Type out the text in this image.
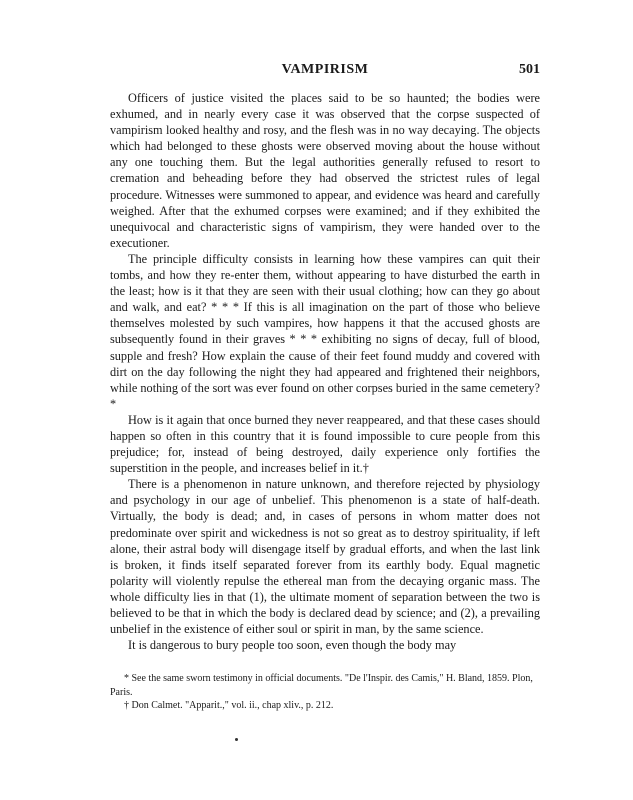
VAMPIRISM	501

Officers of justice visited the places said to be so haunted; the bodies were exhumed, and in nearly every case it was observed that the corpse suspected of vampirism looked healthy and rosy, and the flesh was in no way decaying. The objects which had belonged to these ghosts were observed moving about the house without any one touching them. But the legal authorities generally refused to resort to cremation and beheading before they had observed the strictest rules of legal procedure. Witnesses were summoned to appear, and evidence was heard and carefully weighed. After that the exhumed corpses were examined; and if they exhibited the unequivocal and characteristic signs of vampirism, they were handed over to the executioner.

The principle difficulty consists in learning how these vampires can quit their tombs, and how they re-enter them, without appearing to have disturbed the earth in the least; how is it that they are seen with their usual clothing; how can they go about and walk, and eat? * * * If this is all imagination on the part of those who believe themselves molested by such vampires, how happens it that the accused ghosts are subsequently found in their graves * * * exhibiting no signs of decay, full of blood, supple and fresh? How explain the cause of their feet found muddy and covered with dirt on the day following the night they had appeared and frightened their neighbors, while nothing of the sort was ever found on other corpses buried in the same cemetery?*

How is it again that once burned they never reappeared, and that these cases should happen so often in this country that it is found impossible to cure people from this prejudice; for, instead of being destroyed, daily experience only fortifies the superstition in the people, and increases belief in it.†

There is a phenomenon in nature unknown, and therefore rejected by physiology and psychology in our age of unbelief. This phenomenon is a state of half-death. Virtually, the body is dead; and, in cases of persons in whom matter does not predominate over spirit and wickedness is not so great as to destroy spirituality, if left alone, their astral body will disengage itself by gradual efforts, and when the last link is broken, it finds itself separated forever from its earthly body. Equal magnetic polarity will violently repulse the ethereal man from the decaying organic mass. The whole difficulty lies in that (1), the ultimate moment of separation between the two is believed to be that in which the body is declared dead by science; and (2), a prevailing unbelief in the existence of either soul or spirit in man, by the same science.

It is dangerous to bury people too soon, even though the body may

* See the same sworn testimony in official documents. "De l'Inspir. des Camis," H. Bland, 1859. Plon, Paris.

† Don Calmet. "Apparit.," vol. ii., chap xliv., p. 212.
